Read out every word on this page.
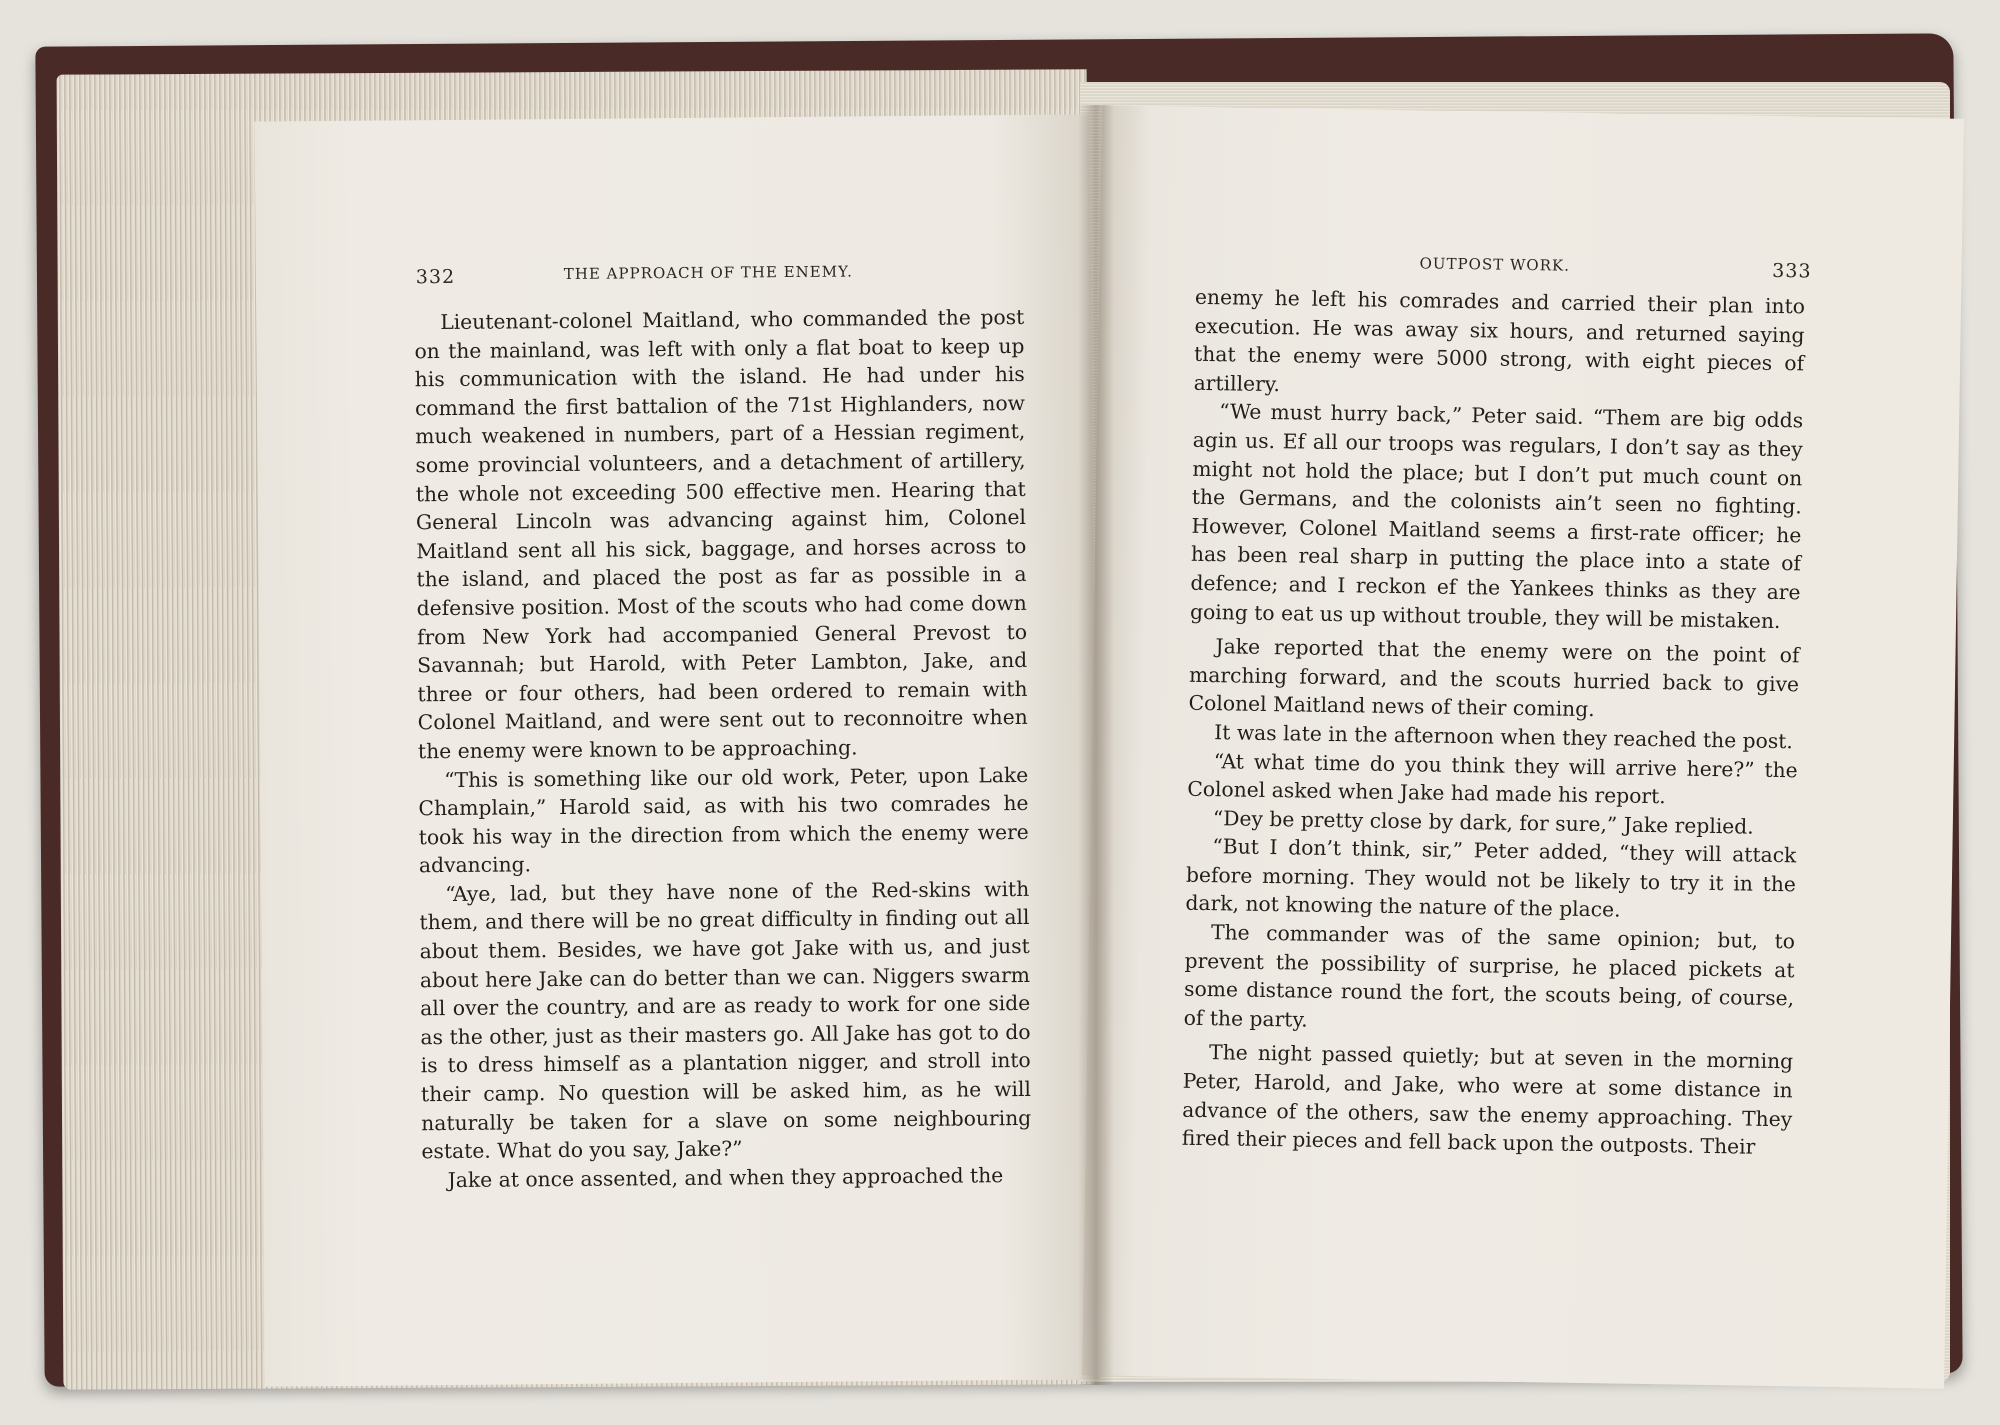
332	THE APPROACH OF THE ENEMY.

Lieutenant-colonel Maitland, who commanded the post on the mainland, was left with only a flat boat to keep up his communication with the island. He had under his command the first battalion of the 71st Highlanders, now much weakened in numbers, part of a Hessian regiment, some provincial volunteers, and a detachment of artillery, the whole not exceeding 500 effective men. Hearing that General Lincoln was advancing against him, Colonel Maitland sent all his sick, baggage, and horses across to the island, and placed the post as far as possible in a defensive position. Most of the scouts who had come down from New York had accompanied General Prevost to Savannah; but Harold, with Peter Lambton, Jake, and three or four others, had been ordered to remain with Colonel Maitland, and were sent out to reconnoitre when the enemy were known to be approaching.

“This is something like our old work, Peter, upon Lake Champlain,” Harold said, as with his two comrades he took his way in the direction from which the enemy were advancing.

“Aye, lad, but they have none of the Red-skins with them, and there will be no great difficulty in finding out all about them. Besides, we have got Jake with us, and just about here Jake can do better than we can. Niggers swarm all over the country, and are as ready to work for one side as the other, just as their masters go. All Jake has got to do is to dress himself as a plantation nigger, and stroll into their camp. No question will be asked him, as he will naturally be taken for a slave on some neighbouring estate. What do you say, Jake?”

Jake at once assented, and when they approached the

OUTPOST WORK.	333

enemy he left his comrades and carried their plan into execution. He was away six hours, and returned saying that the enemy were 5000 strong, with eight pieces of artillery.

“We must hurry back,” Peter said. “Them are big odds agin us. Ef all our troops was regulars, I don’t say as they might not hold the place; but I don’t put much count on the Germans, and the colonists ain’t seen no fighting. However, Colonel Maitland seems a first-rate officer; he has been real sharp in putting the place into a state of defence; and I reckon ef the Yankees thinks as they are going to eat us up without trouble, they will be mistaken.

Jake reported that the enemy were on the point of marching forward, and the scouts hurried back to give Colonel Maitland news of their coming.

It was late in the afternoon when they reached the post.

“At what time do you think they will arrive here?” the Colonel asked when Jake had made his report.

“Dey be pretty close by dark, for sure,” Jake replied.

“But I don’t think, sir,” Peter added, “they will attack before morning. They would not be likely to try it in the dark, not knowing the nature of the place.

The commander was of the same opinion; but, to prevent the possibility of surprise, he placed pickets at some distance round the fort, the scouts being, of course, of the party.

The night passed quietly; but at seven in the morning Peter, Harold, and Jake, who were at some distance in advance of the others, saw the enemy approaching. They fired their pieces and fell back upon the outposts. Their
